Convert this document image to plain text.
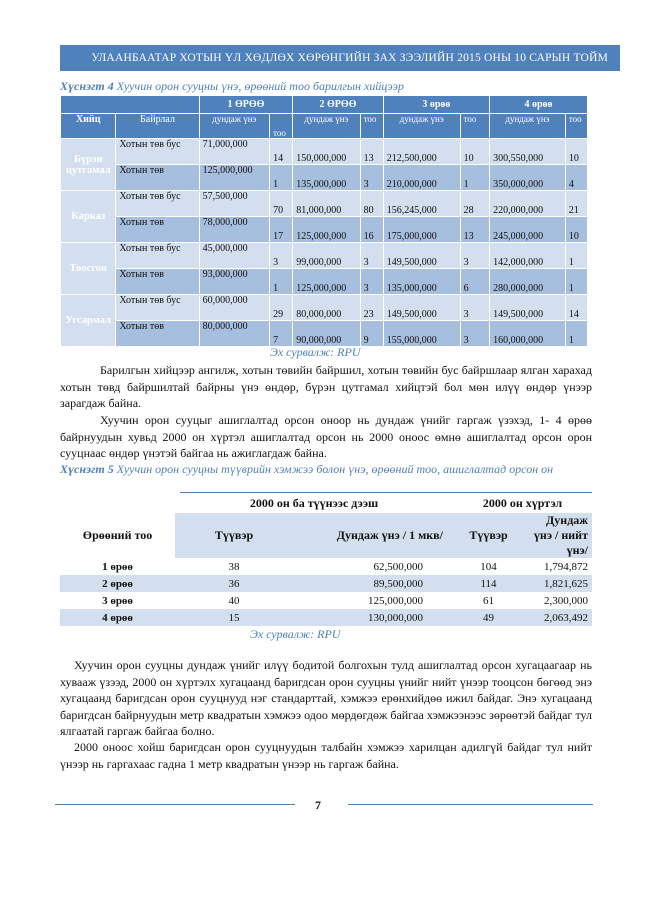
УЛААНБААТАР ХОТЫН ҮЛ ХӨДЛӨХ ХӨРӨНГИЙН ЗАХ ЗЭЭЛИЙН 2015 ОНЫ 10 САРЫН ТОЙМ
Хүснэгт 4 Хуучин орон сууцны үнэ, өрөөний тоо барилгын хийцээр
		1 ӨРӨӨ		2 ӨРӨӨ		3 өрөө		4 өрөө	
Хийц	Байрлал	дундаж үнэ	тоо	дундаж үнэ	тоо	дундаж үнэ	тоо	дундаж үнэ	тоо
Бүрэн цутгамал	Хотын төв бус	71,000,000	14	150,000,000	13	212,500,000	10	300,550,000	10
	Хотын төв	125,000,000	1	135,000,000	3	210,000,000	1	350,000,000	4
Карказ	Хотын төв бус	57,500,000	70	81,000,000	80	156,245,000	28	220,000,000	21
	Хотын төв	78,000,000	17	125,000,000	16	175,000,000	13	245,000,000	10
Тоосгон	Хотын төв бус	45,000,000	3	99,000,000	3	149,500,000	3	142,000,000	1
	Хотын төв	93,000,000	1	125,000,000	3	135,000,000	6	280,000,000	1
Угсармал	Хотын төв бус	60,000,000	29	80,000,000	23	149,500,000	3	149,500,000	14
	Хотын төв	80,000,000	7	90,000,000	9	155,000,000	3	160,000,000	1
Эх сурвалж: RPU

Барилгын хийцээр ангилж, хотын төвийн байршил, хотын төвийн бус байршлаар ялган харахад хотын төвд байршилтай байрны үнэ өндөр, бүрэн цутгамал хийцтэй бол мөн илүү өндөр үнээр зарагдаж байна.

Хуучин орон сууцыг ашиглалтад орсон оноор нь дундаж үнийг гаргаж үзэхэд, 1- 4 өрөө байрнуудын хувьд 2000 он хүртэл ашиглалтад орсон нь 2000 оноос өмнө ашиглалтад орсон орон сууцнаас өндөр үнэтэй байгаа нь ажиглагдаж байна.

Хүснэгт 5 Хуучин орон сууцны түүврийн хэмжээ болон үнэ, өрөөний тоо, ашиглалтад орсон он
	2000 он ба түүнээс дээш		2000 он хүртэл	
Өрөөний тоо	Түүвэр	Дундаж үнэ / 1 мкв/	Түүвэр	Дундаж үнэ / нийт үнэ/
1 өрөө	38	62,500,000	104	1,794,872
2 өрөө	36	89,500,000	114	1,821,625
3 өрөө	40	125,000,000	61	2,300,000
4 өрөө	15	130,000,000	49	2,063,492
Эх сурвалж: RPU

Хуучин орон сууцны дундаж үнийг илүү бодитой болгохын тулд ашиглалтад орсон хугацаагаар нь хувааж үзээд, 2000 он хүртэлх хугацаанд баригдсан орон сууцны үнийг нийт үнээр тооцсон бөгөөд энэ хугацаанд баригдсан орон сууцнууд нэг стандарттай, хэмжээ ерөнхийдөө ижил байдаг. Энэ хугацаанд баригдсан байрнуудын метр квадратын хэмжээ одоо мөрдөгдөж байгаа хэмжээнээс зөрөөтэй байдаг тул ялгаатай гаргаж байгаа болно.

2000 оноос хойш баригдсан орон сууцнуудын талбайн хэмжээ харилцан адилгүй байдаг тул нийт үнээр нь гаргахаас гадна 1 метр квадратын үнээр нь гаргаж байна.

7
